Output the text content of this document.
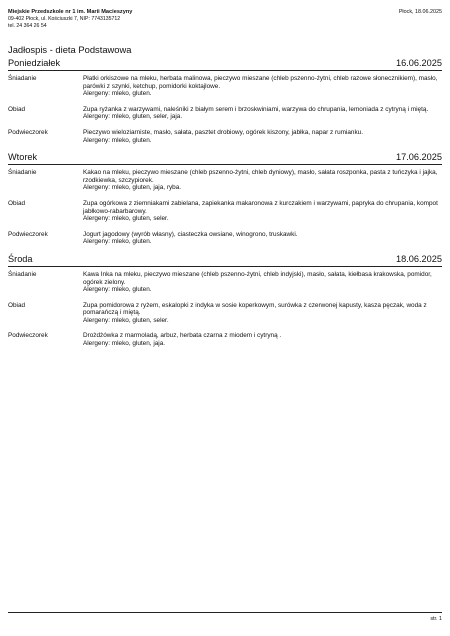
Miejskie Przedszkole nr 1 im. Marii Macieszyny
09-402 Płock, ul. Kościuszki 7, NIP: 7743135712
tel. 24 364 26 54
Płock, 18.06.2025
Jadłospis - dieta Podstawowa
Poniedziałek	16.06.2025
Śniadanie	Płatki orkiszowe na mleku, herbata malinowa, pieczywo mieszane (chleb pszenno-żytni, chleb razowe słonecznikiem), masło, parówki z szynki, ketchup, pomidorki koktajlowe.
Alergeny: mleko, gluten.
Obiad	Zupa ryżanka z warzywami, naleśniki z białym serem i brzoskwiniami, warzywa do chrupania, lemoniada z cytryną i miętą.
Alergeny: mleko, gluten, seler, jaja.
Podwieczorek	Pieczywo wieloziarniste, masło, sałata, pasztet drobiowy, ogórek kiszony, jabłka, napar z rumianku.
Alergeny: mleko, gluten.
Wtorek	17.06.2025
Śniadanie	Kakao na mleku, pieczywo mieszane (chleb pszenno-żytni, chleb dyniowy), masło, sałata roszponka, pasta z tuńczyka i jajka, rzodkiewka, szczypiorek.
Alergeny: mleko, gluten, jaja, ryba.
Obiad	Zupa ogórkowa z ziemniakami zabielana, zapiekanka makaronowa z kurczakiem i warzywami, papryka do chrupania, kompot jabłkowo-rabarbarowy.
Alergeny: mleko, gluten, seler.
Podwieczorek	Jogurt jagodowy (wyrób własny), ciasteczka owsiane, winogrono, truskawki.
Alergeny: mleko, gluten.
Środa	18.06.2025
Śniadanie	Kawa Inka na mleku, pieczywo mieszane (chleb pszenno-żytni, chleb indyjski), masło, sałata, kiełbasa krakowska, pomidor, ogórek zielony.
Alergeny: mleko, gluten.
Obiad	Zupa pomidorowa z ryżem, eskalopki z indyka w sosie koperkowym, surówka z czerwonej kapusty, kasza pęczak, woda z pomarańczą i miętą.
Alergeny: mleko, gluten, seler.
Podwieczorek	Drożdżówka z marmoladą, arbuz, herbata czarna z miodem i cytryną .
Alergeny: mleko, gluten, jaja.
str. 1
